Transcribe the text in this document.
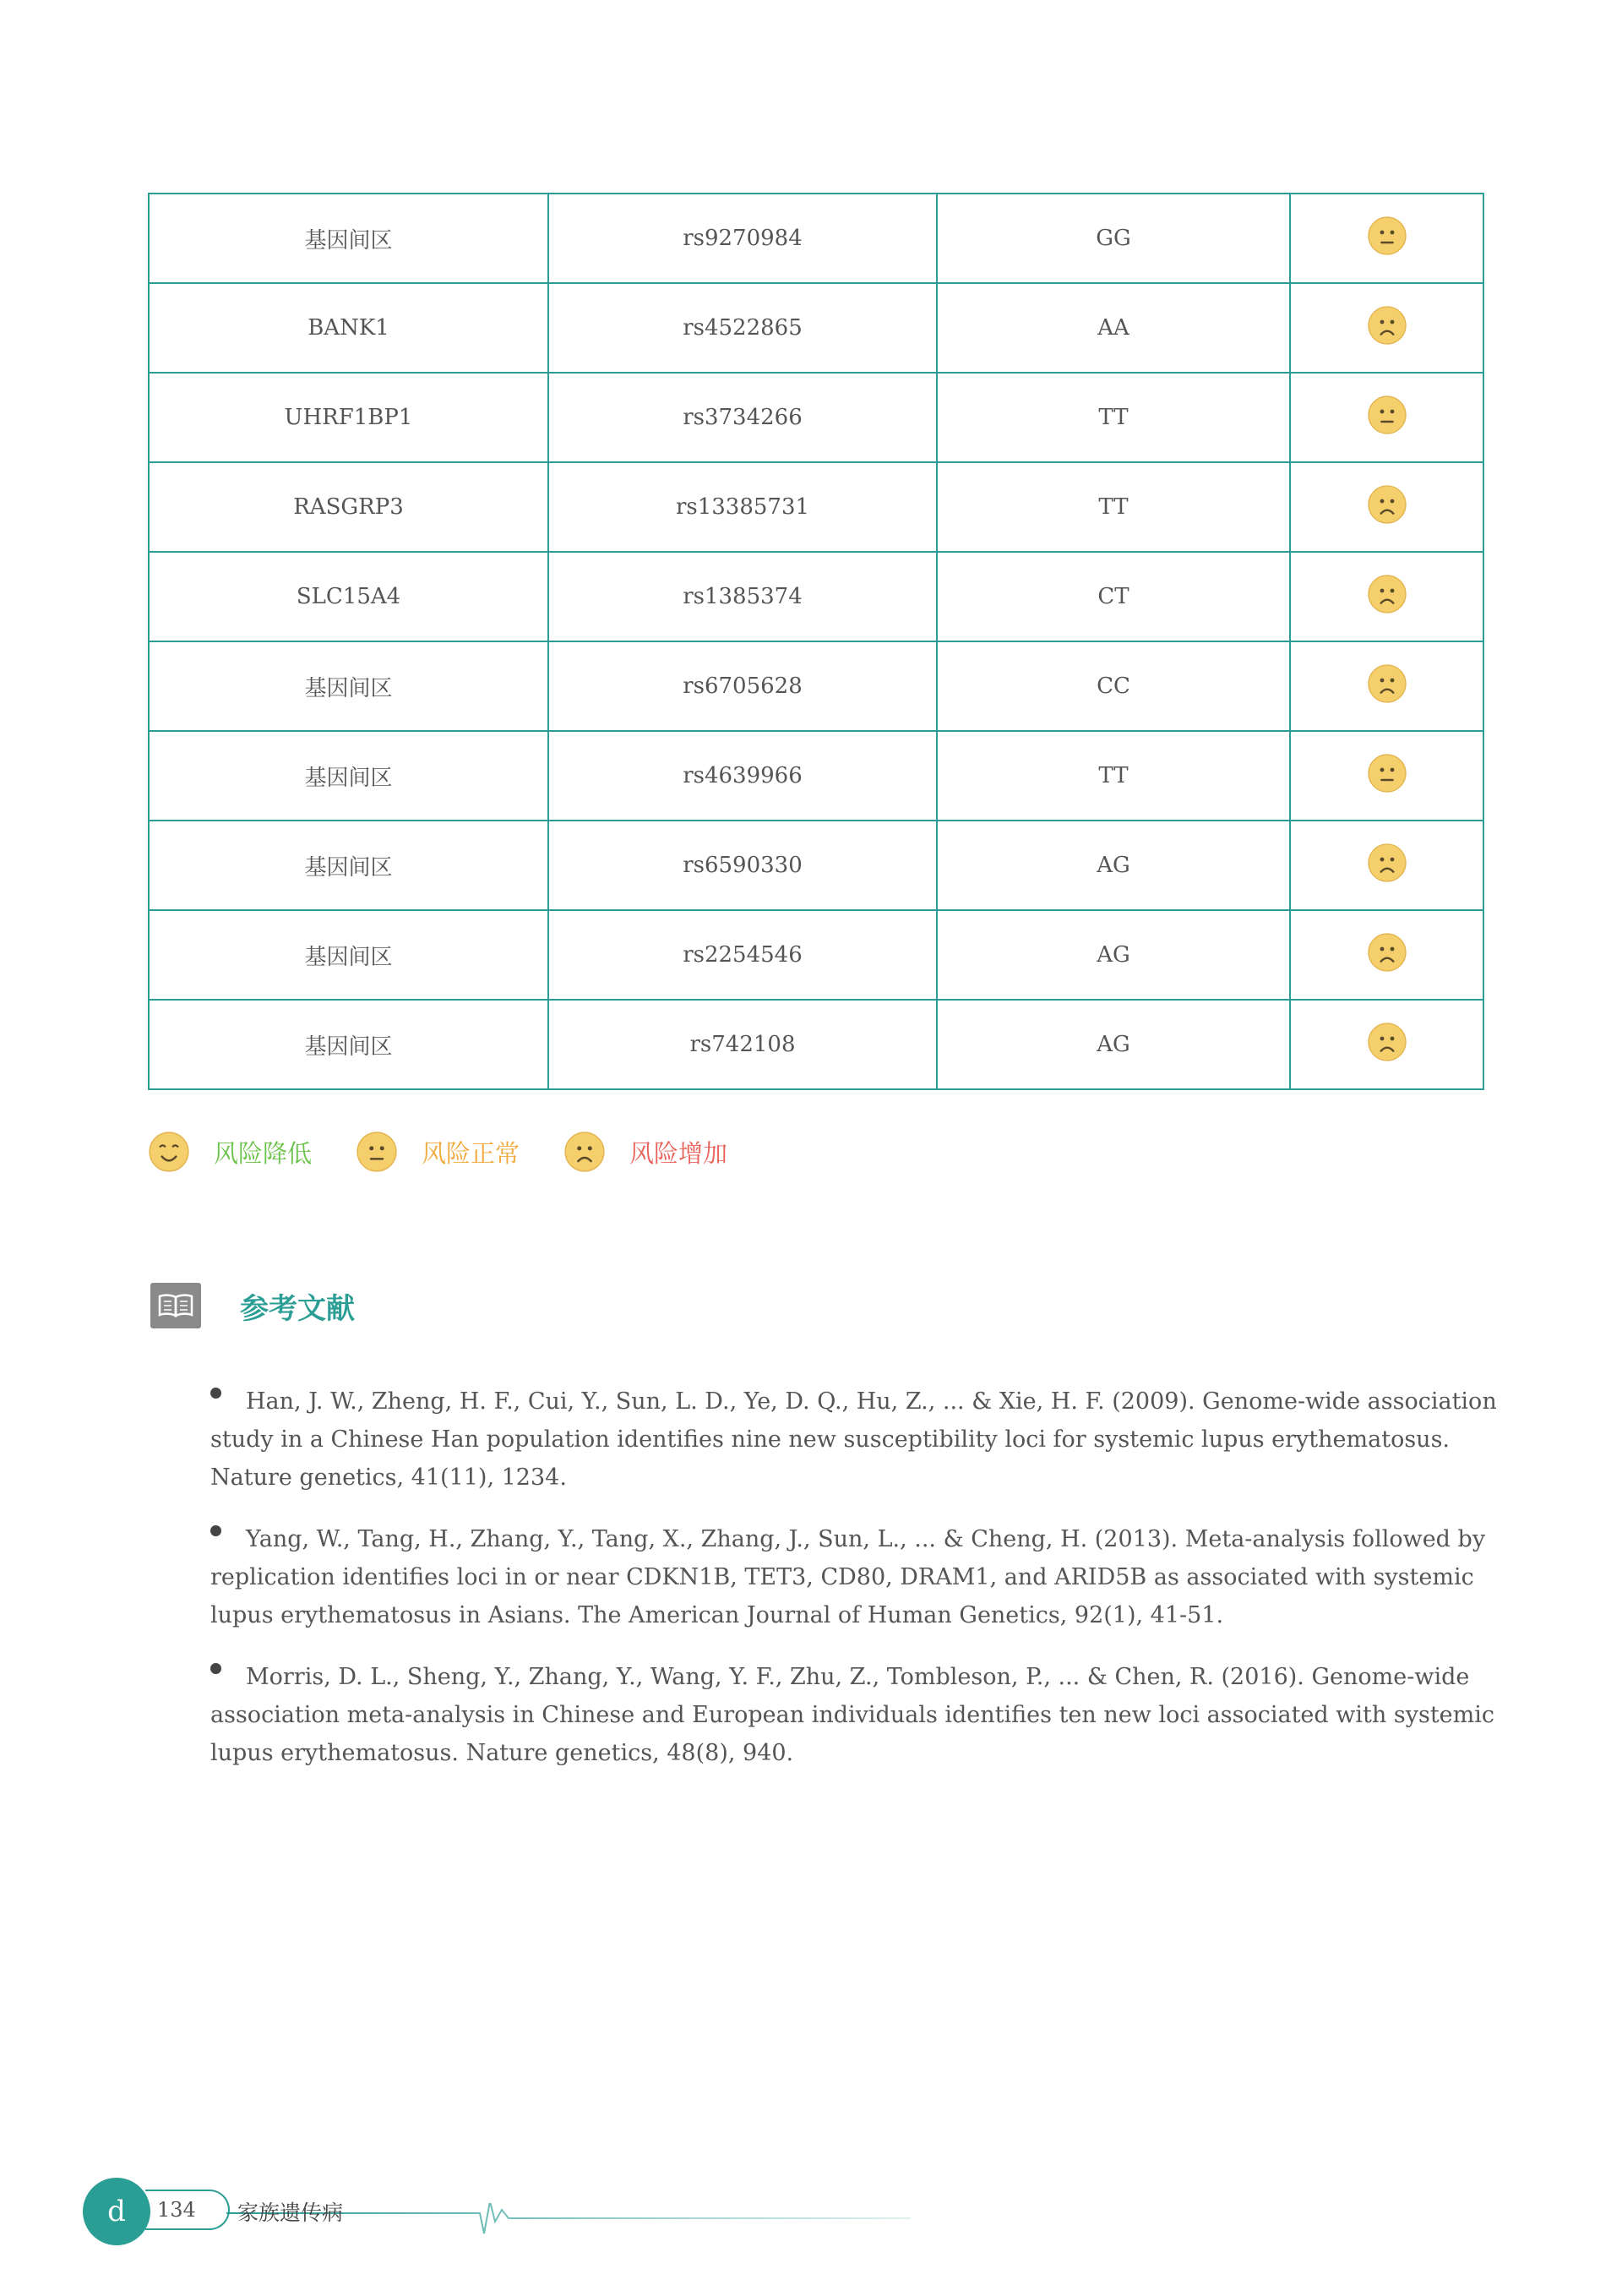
基因间区	rs9270984	GG	
BANK1	rs4522865	AA	
UHRF1BP1	rs3734266	TT	
RASGRP3	rs13385731	TT	
SLC15A4	rs1385374	CT	
基因间区	rs6705628	CC	
基因间区	rs4639966	TT	
基因间区	rs6590330	AG	
基因间区	rs2254546	AG	
基因间区	rs742108	AG	
风险降低	风险正常	风险增加
参考文献
Han, J. W., Zheng, H. F., Cui, Y., Sun, L. D., Ye, D. Q., Hu, Z., ... & Xie, H. F. (2009). Genome-wide association study in a Chinese Han population identifies nine new susceptibility loci for systemic lupus erythematosus. Nature genetics, 41(11), 1234.
Yang, W., Tang, H., Zhang, Y., Tang, X., Zhang, J., Sun, L., ... & Cheng, H. (2013). Meta-analysis followed by replication identifies loci in or near CDKN1B, TET3, CD80, DRAM1, and ARID5B as associated with systemic lupus erythematosus in Asians. The American Journal of Human Genetics, 92(1), 41-51.
Morris, D. L., Sheng, Y., Zhang, Y., Wang, Y. F., Zhu, Z., Tombleson, P., ... & Chen, R. (2016). Genome-wide association meta-analysis in Chinese and European individuals identifies ten new loci associated with systemic lupus erythematosus. Nature genetics, 48(8), 940.
134
d	家族遗传病
